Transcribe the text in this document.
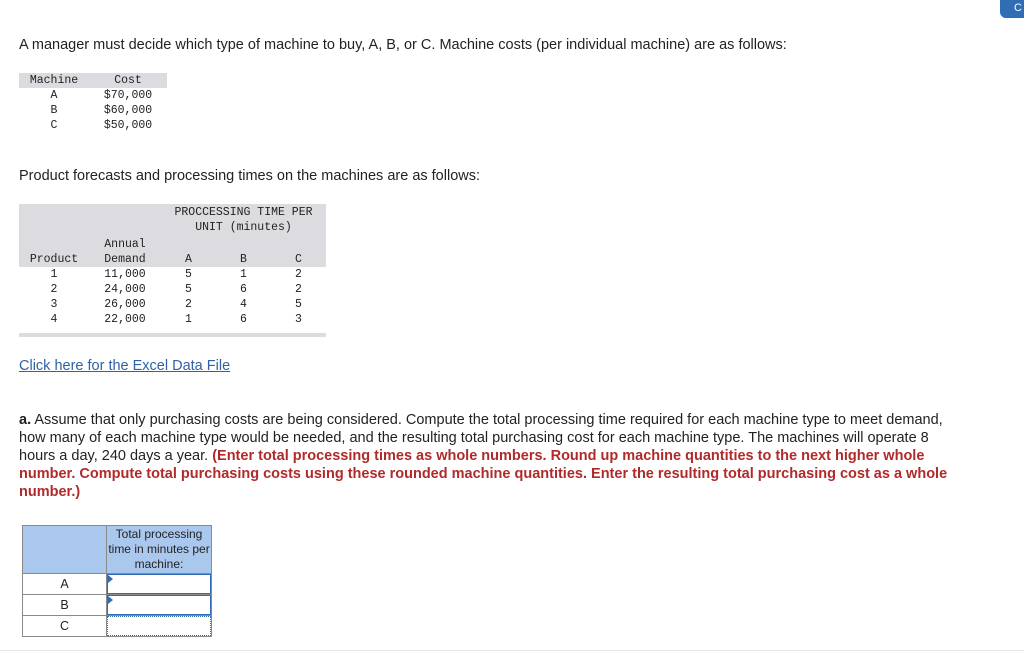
C
A manager must decide which type of machine to buy, A, B, or C. Machine costs (per individual machine) are as follows:
Machine	Cost
A	$70,000
B	$60,000
C	$50,000
Product forecasts and processing times on the machines are as follows:

		PROCCESSING TIME PER
UNIT (minutes)		

	Annual			
Product	Demand	A	B	C
1	11,000	5	1	2
2	24,000	5	6	2
3	26,000	2	4	5
4	22,000	1	6	3
Click here for the Excel Data File
a. Assume that only purchasing costs are being considered. Compute the total processing time required for each machine type to meet demand, how many of each machine type would be needed, and the resulting total purchasing cost for each machine type. The machines will operate 8 hours a day, 240 days a year. (Enter total processing times as whole numbers. Round up machine quantities to the next higher whole number. Compute total purchasing costs using these rounded machine quantities. Enter the resulting total purchasing cost as a whole number.)
	Total processing time in minutes per machine:
A	

B	

C	
